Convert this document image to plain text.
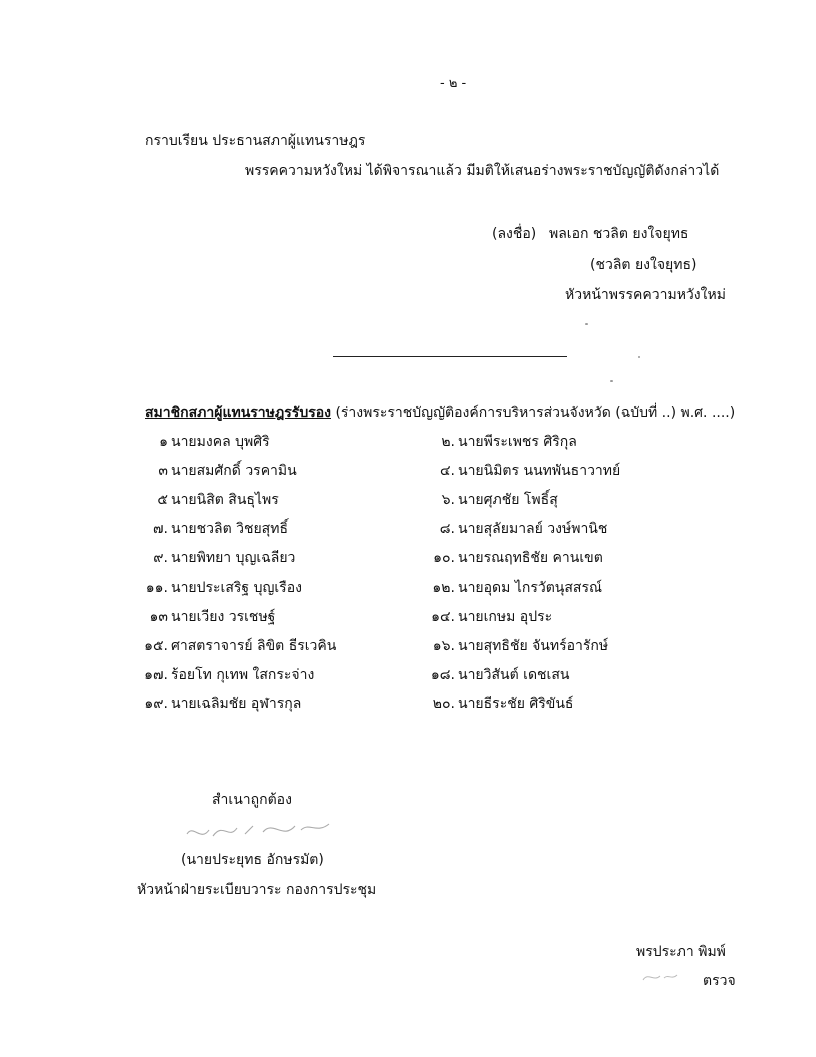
- ๒ -
กราบเรียน ประธานสภาผู้แทนราษฎร
พรรคความหวังใหม่ ได้พิจารณาแล้ว มีมติให้เสนอร่างพระราชบัญญัติดังกล่าวได้
(ลงชื่อ) พลเอก ชวลิต ยงใจยุทธ
(ชวลิต ยงใจยุทธ)
หัวหน้าพรรคความหวังใหม่
สมาชิกสภาผู้แทนราษฎรรับรอง (ร่างพระราชบัญญัติองค์การบริหารส่วนจังหวัด (ฉบับที่ ..) พ.ศ. ....)
๑ นายมงคล บุพศิริ
๓ นายสมศักดิ์ วรคามิน
๕ นายนิสิต สินธุไพร
๗. นายชวลิต วิชยสุทธิ์
๙. นายพิทยา บุญเฉลียว
๑๑. นายประเสริฐ บุญเรือง
๑๓ นายเวียง วรเชษฐ์
๑๕. ศาสตราจารย์ ลิขิต ธีรเวคิน
๑๗. ร้อยโท กุเทพ ใสกระจ่าง
๑๙. นายเฉลิมชัย อุฬารกุล
๒. นายพีระเพชร ศิริกุล
๔. นายนิมิตร นนทพันธาวาทย์
๖. นายศุภชัย โพธิ์สุ
๘. นายสุลัยมาลย์ วงษ์พานิช
๑๐. นายรณฤทธิชัย คานเขต
๑๒. นายอุดม ไกรวัตนุสสรณ์
๑๔. นายเกษม อุประ
๑๖. นายสุทธิชัย จันทร์อารักษ์
๑๘. นายวิสันต์ เดชเสน
๒๐. นายธีระชัย ศิริขันธ์
สำเนาถูกต้อง
(นายประยุทธ อักษรมัต)
หัวหน้าฝ่ายระเบียบวาระ กองการประชุม
พรประภา พิมพ์
ตรวจ
